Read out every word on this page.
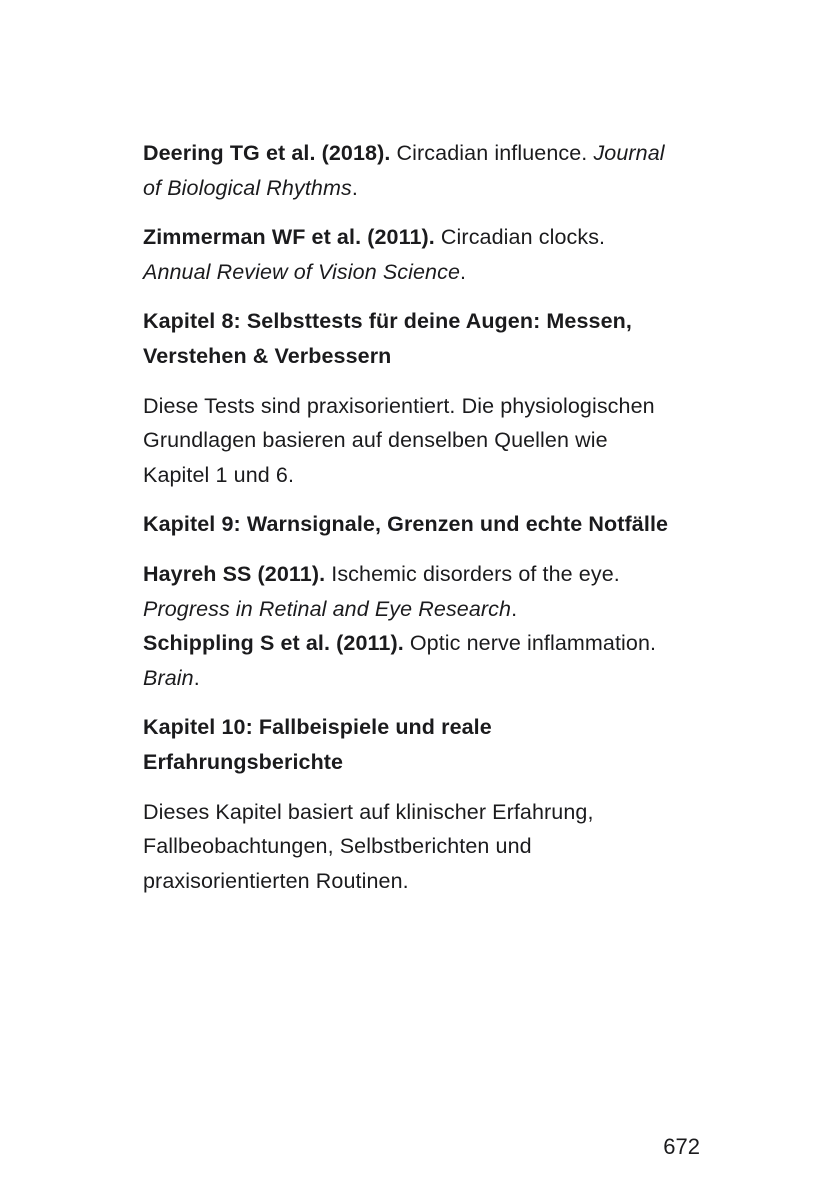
Deering TG et al. (2018). Circadian influence. Journal
of Biological Rhythms.
Zimmerman WF et al. (2011). Circadian clocks.
Annual Review of Vision Science.
Kapitel 8: Selbsttests für deine Augen: Messen,
Verstehen & Verbessern
Diese Tests sind praxisorientiert. Die physiologischen
Grundlagen basieren auf denselben Quellen wie
Kapitel 1 und 6.
Kapitel 9: Warnsignale, Grenzen und echte Notfälle
Hayreh SS (2011). Ischemic disorders of the eye.
Progress in Retinal and Eye Research.
Schippling S et al. (2011). Optic nerve inflammation.
Brain.
Kapitel 10: Fallbeispiele und reale
Erfahrungsberichte
Dieses Kapitel basiert auf klinischer Erfahrung,
Fallbeobachtungen, Selbstberichten und
praxisorientierten Routinen.
672
